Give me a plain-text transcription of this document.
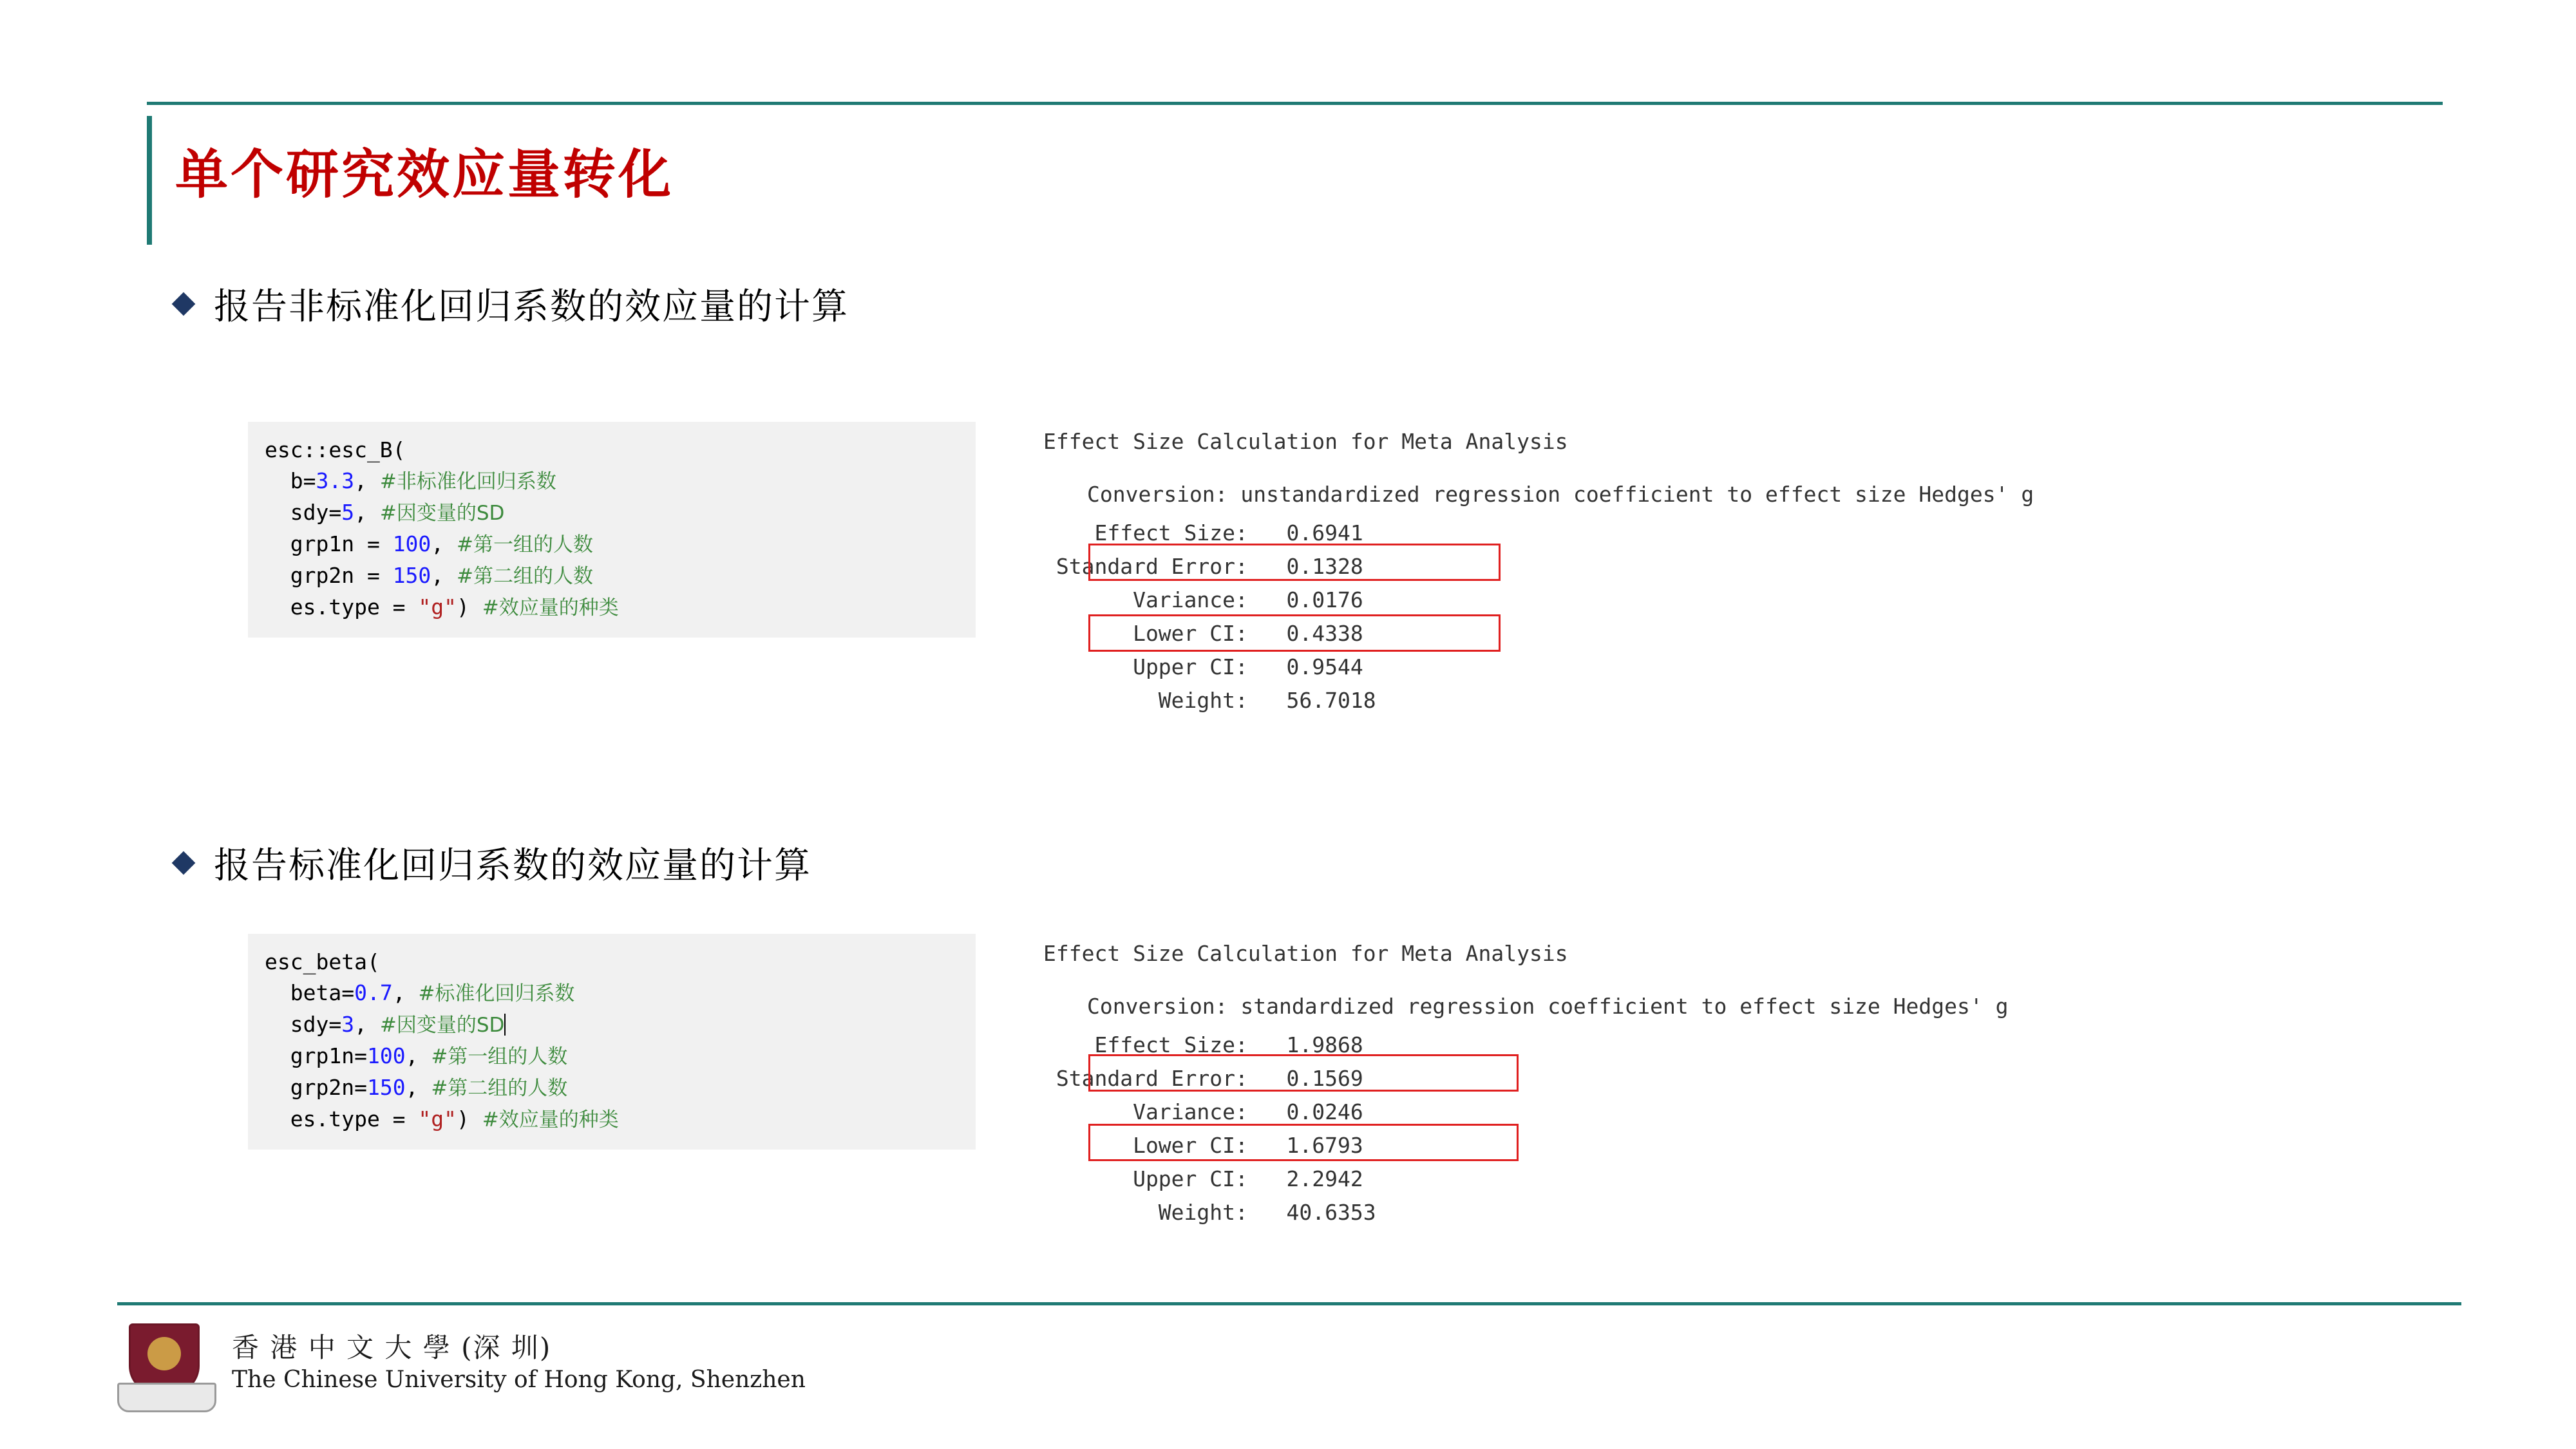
单个研究效应量转化
报告非标准化回归系数的效应量的计算
报告标准化回归系数的效应量的计算
esc::esc_B(
b=3.3, #非标准化回归系数
sdy=5, #因变量的SD
grp1n = 100, #第一组的人数
grp2n = 150, #第二组的人数
es.type = "g") #效应量的种类
esc_beta(
beta=0.7, #标准化回归系数
sdy=3, #因变量的SD
grp1n=100, #第一组的人数
grp2n=150, #第二组的人数
es.type = "g") #效应量的种类
Effect Size Calculation for Meta Analysis
Conversion: unstandardized regression coefficient to effect size Hedges' g
Effect Size:   0.6941
Standard Error:   0.1328
Variance:   0.0176
Lower CI:   0.4338
Upper CI:   0.9544
Weight:   56.7018
Effect Size Calculation for Meta Analysis
Conversion: standardized regression coefficient to effect size Hedges' g
Effect Size:   1.9868
Standard Error:   0.1569
Variance:   0.0246
Lower CI:   1.6793
Upper CI:   2.2942
Weight:   40.6353
香 港 中 文 大 學 (深 圳)
The Chinese University of Hong Kong, Shenzhen
